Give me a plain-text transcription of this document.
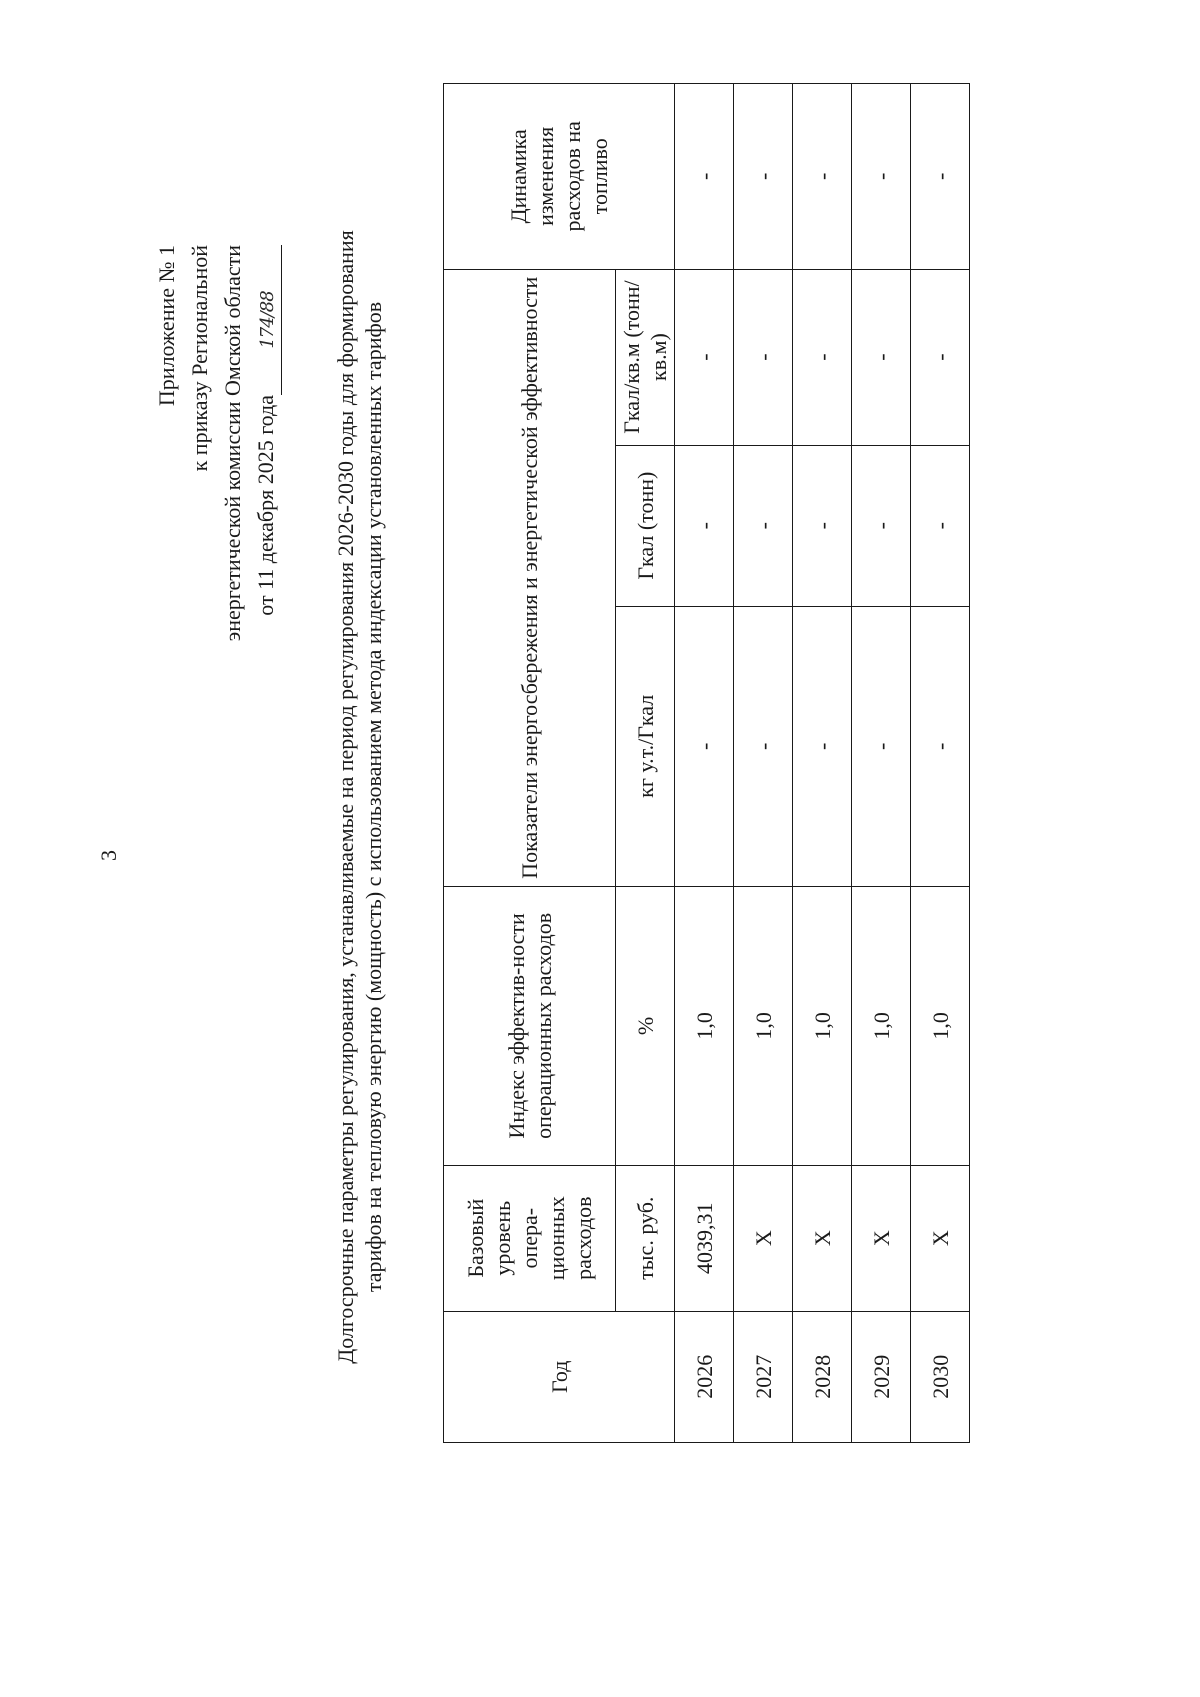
3
Приложение № 1 к приказу Региональной энергетической комиссии Омской области от 11 декабря 2025 года174/88	Долгосрочные параметры регулирования, устанавливаемые на период регулирования 2026-2030 годы для формирования тарифов на тепловую энергию (мощность) с использованием метода индексации установленных тарифов
Год	Базовый уровень опера-ционных расходов	Индекс эффектив-ности операционных расходов	Показатели энергосбережения и энергетической эффективности			Динамика изменения расходов на топливо
	тыс. руб.	%	кг у.т./Гкал	Гкал (тонн)	Гкал/кв.м (тонн/кв.м)	
2026	4039,31	1,0	-	-	-	-
2027	X	1,0	-	-	-	-
2028	X	1,0	-	-	-	-
2029	X	1,0	-	-	-	-
2030	X	1,0	-	-	-	-
